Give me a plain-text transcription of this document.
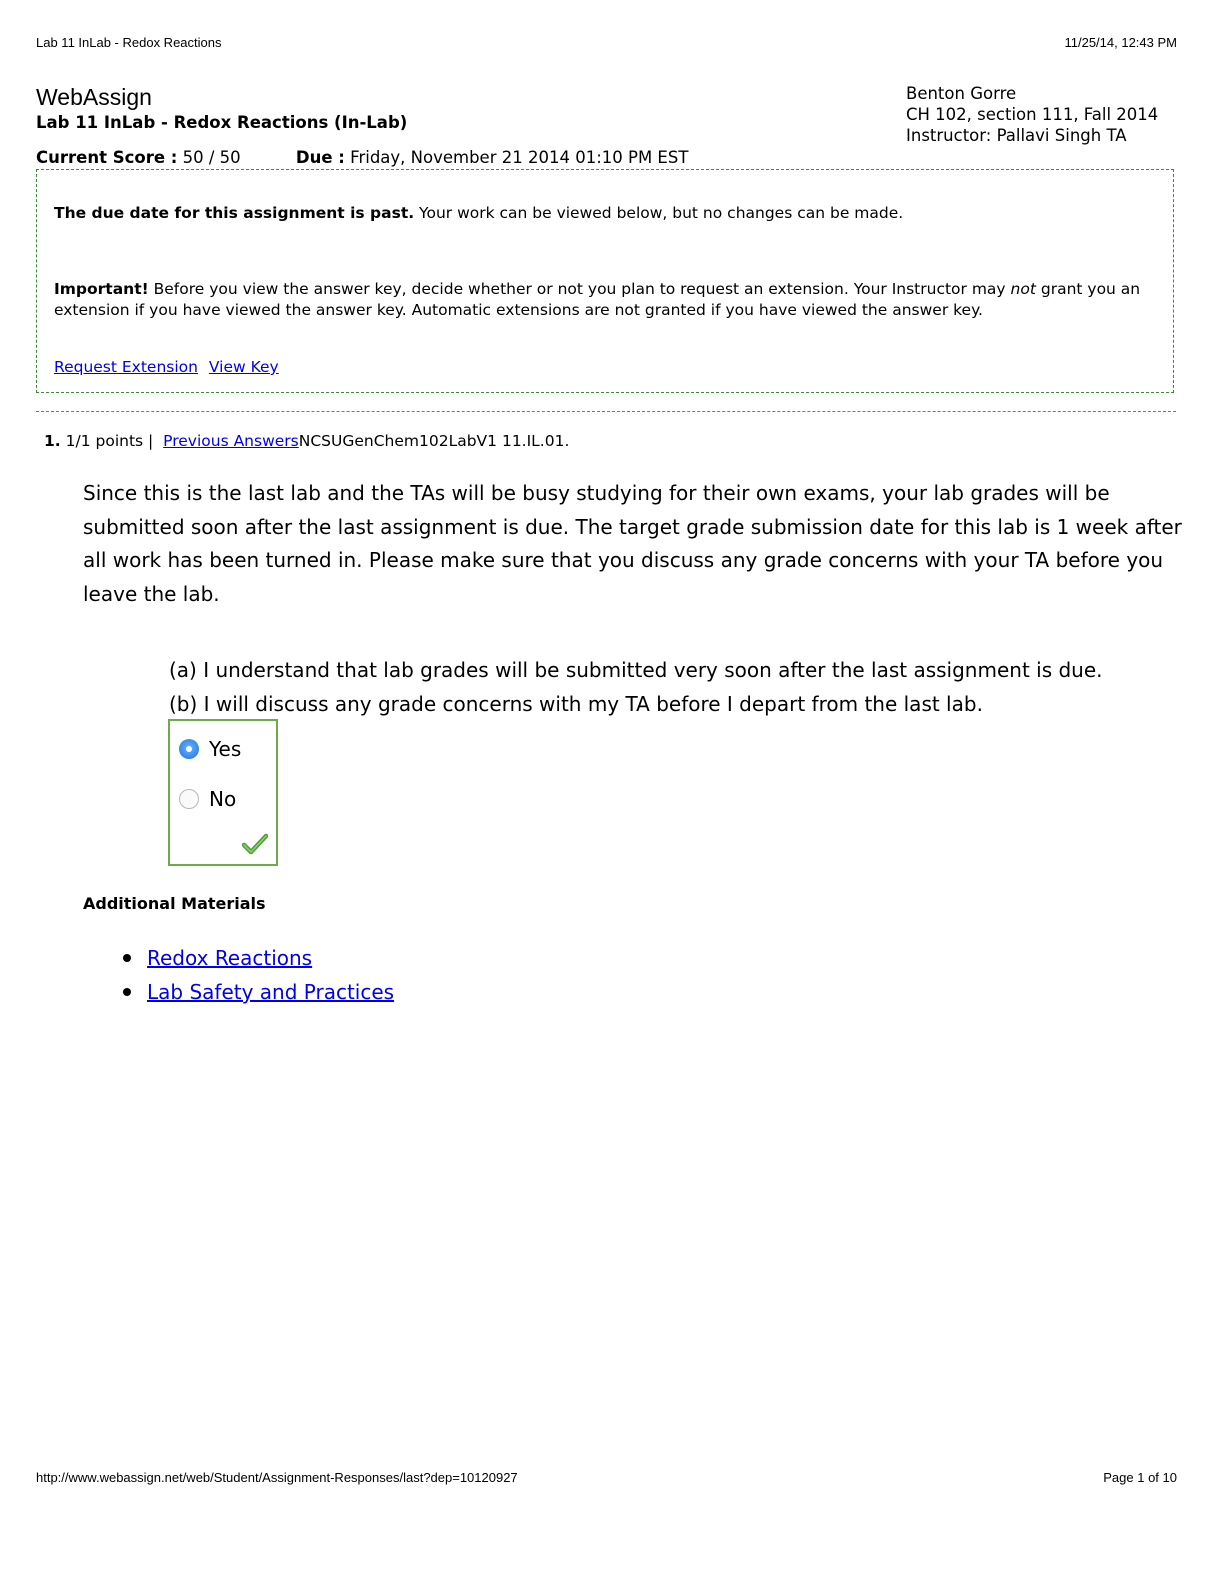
Lab 11 InLab - Redox Reactions	11/25/14, 12:43 PM
WebAssign
Lab 11 InLab - Redox Reactions (In-Lab)
Benton Gorre
CH 102, section 111, Fall 2014
Instructor: Pallavi Singh TA
Current Score : 50 / 50	Due : Friday, November 21 2014 01:10 PM EST
The due date for this assignment is past. Your work can be viewed below, but no changes can be made.
Important! Before you view the answer key, decide whether or not you plan to request an extension. Your Instructor may not grant you an extension if you have viewed the answer key. Automatic extensions are not granted if you have viewed the answer key.
Request Extension View Key
1. 1/1 points | Previous AnswersNCSUGenChem102LabV1 11.IL.01.
Since this is the last lab and the TAs will be busy studying for their own exams, your lab grades will be submitted soon after the last assignment is due. The target grade submission date for this lab is 1 week after all work has been turned in. Please make sure that you discuss any grade concerns with your TA before you leave the lab.
(a) I understand that lab grades will be submitted very soon after the last assignment is due.
(b) I will discuss any grade concerns with my TA before I depart from the last lab.
Yes
No
Additional Materials
Redox Reactions
Lab Safety and Practices
http://www.webassign.net/web/Student/Assignment-Responses/last?dep=10120927	Page 1 of 10
